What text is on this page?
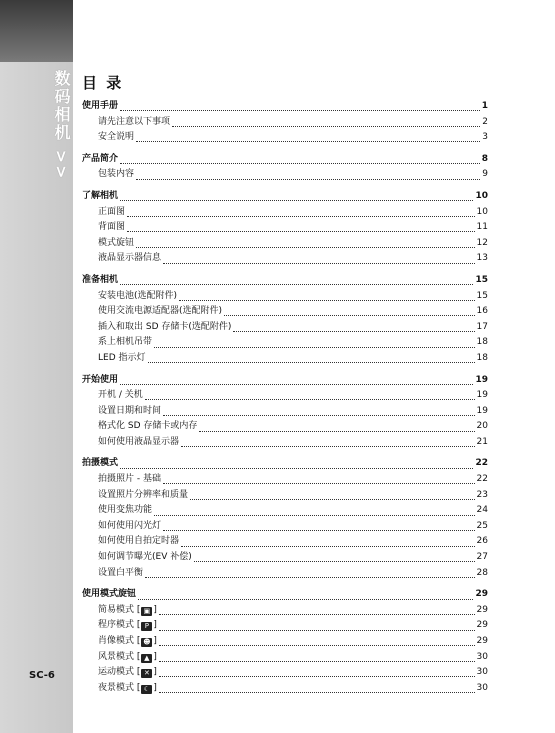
数码相机 >>
SC-6
目 录
使用手册	1
请先注意以下事项	2
安全说明	3
产品简介	8
包装内容	9
了解相机	10
正面图	10
背面图	11
模式旋钮	12
液晶显示器信息	13
准备相机	15
安装电池(选配附件)	15
使用交流电源适配器(选配附件)	16
插入和取出 SD 存储卡(选配附件)	17
系上相机吊带	18
LED 指示灯	18
开始使用	19
开机 / 关机	19
设置日期和时间	19
格式化 SD 存储卡或内存	20
如何使用液晶显示器	21
拍摄模式	22
拍摄照片 - 基础	22
设置照片分辨率和质量	23
使用变焦功能	24
如何使用闪光灯	25
如何使用自拍定时器	26
如何调节曝光(EV 补偿)	27
设置白平衡	28
使用模式旋钮	29
简易模式 [ ▣ ]	29
程序模式 [ P ]	29
肖像模式 [ ☻ ]	29
风景模式 [ ▲ ]	30
运动模式 [ ✕ ]	30
夜景模式 [ ☾ ]	30
